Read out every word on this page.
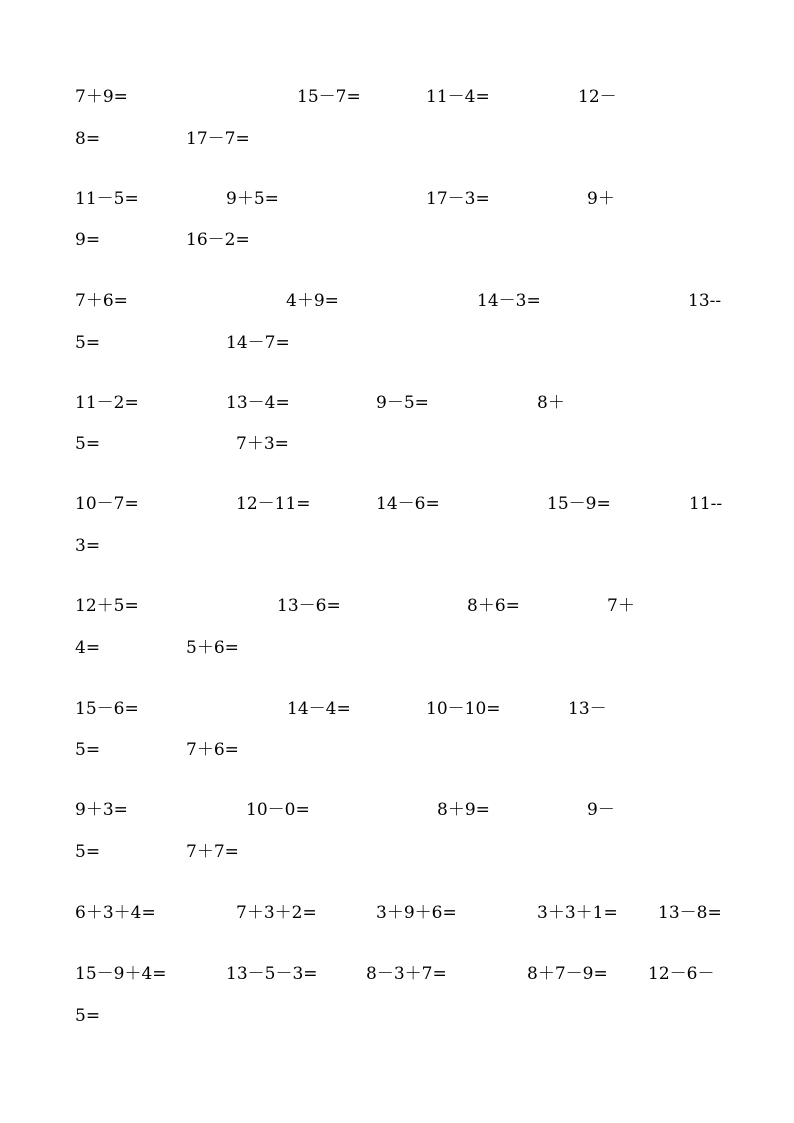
7＋9=	15－7=	11－4=	12－
8=	17－7=
11－5=	9＋5=	17－3=	9＋
9=	16－2=
7＋6=	4＋9=	14－3=	13--
5=	14－7=
11－2=	13－4=	9－5=	8＋
5=	7＋3=
10－7=	12－11=	14－6=	15－9=	11--
3=
12＋5=	13－6=	8＋6=	7＋
4=	5＋6=
15－6=	14－4=	10－10=	13－
5=	7＋6=
9＋3=	10－0=	8＋9=	9－
5=	7＋7=
6＋3＋4=	7＋3＋2=	3＋9＋6=	3＋3＋1= 13－8=
15－9＋4=	13－5－3=	8－3＋7=	8＋7－9= 12－6－
5=
